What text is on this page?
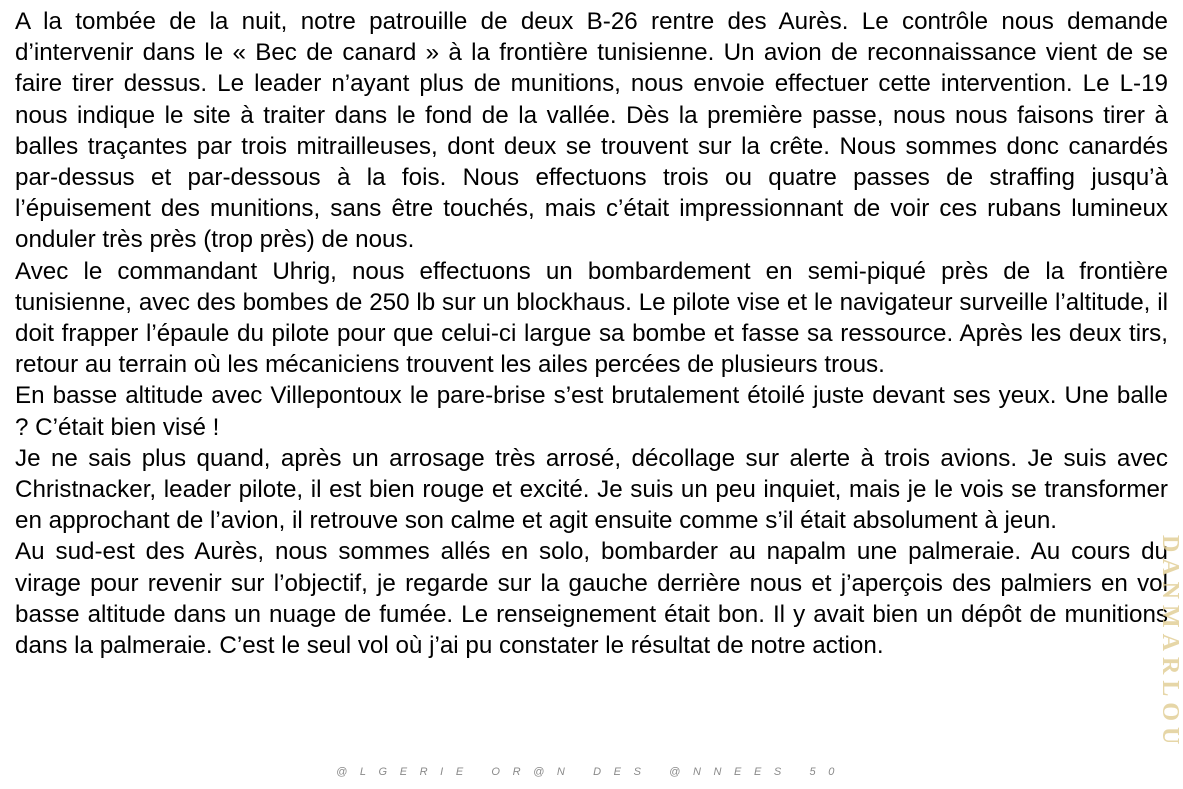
A la tombée de la nuit, notre patrouille de deux B-26 rentre des Aurès. Le contrôle nous demande d’intervenir dans le « Bec de canard » à la frontière tunisienne. Un avion de reconnaissance vient de se faire tirer dessus. Le leader n’ayant plus de munitions, nous envoie effectuer cette intervention. Le L-19 nous indique le site à traiter dans le fond de la vallée. Dès la première passe, nous nous faisons tirer à balles traçantes par trois mitrailleuses, dont deux se trouvent sur la crête. Nous sommes donc canardés par-dessus et par-dessous à la fois. Nous effectuons trois ou quatre passes de straffing jusqu’à l’épuisement des munitions, sans être touchés, mais c’était impressionnant de voir ces rubans lumineux onduler très près (trop près) de nous.

Avec le commandant Uhrig, nous effectuons un bombardement en semi-piqué près de la frontière tunisienne, avec des bombes de 250 lb sur un blockhaus. Le pilote vise et le navigateur surveille l’altitude, il doit frapper l’épaule du pilote pour que celui-ci largue sa bombe et fasse sa ressource. Après les deux tirs, retour au terrain où les mécaniciens trouvent les ailes percées de plusieurs trous.

En basse altitude avec Villepontoux le pare-brise s’est brutalement étoilé juste devant ses yeux. Une balle ? C’était bien visé !

Je ne sais plus quand, après un arrosage très arrosé, décollage sur alerte à trois avions. Je suis avec Christnacker, leader pilote, il est bien rouge et excité. Je suis un peu inquiet, mais je le vois se transformer en approchant de l’avion, il retrouve son calme et agit ensuite comme s’il était absolument à jeun.

Au sud-est des Aurès, nous sommes allés en solo, bombarder au napalm une palmeraie. Au cours du virage pour revenir sur l’objectif, je regarde sur la gauche derrière nous et j’aperçois des palmiers en vol basse altitude dans un nuage de fumée. Le renseignement était bon. Il y avait bien un dépôt de munitions dans la palmeraie. C’est le seul vol où j’ai pu constater le résultat de notre action.	DANMARLOU
@LGERIE OR@N DES @NNEES 50
